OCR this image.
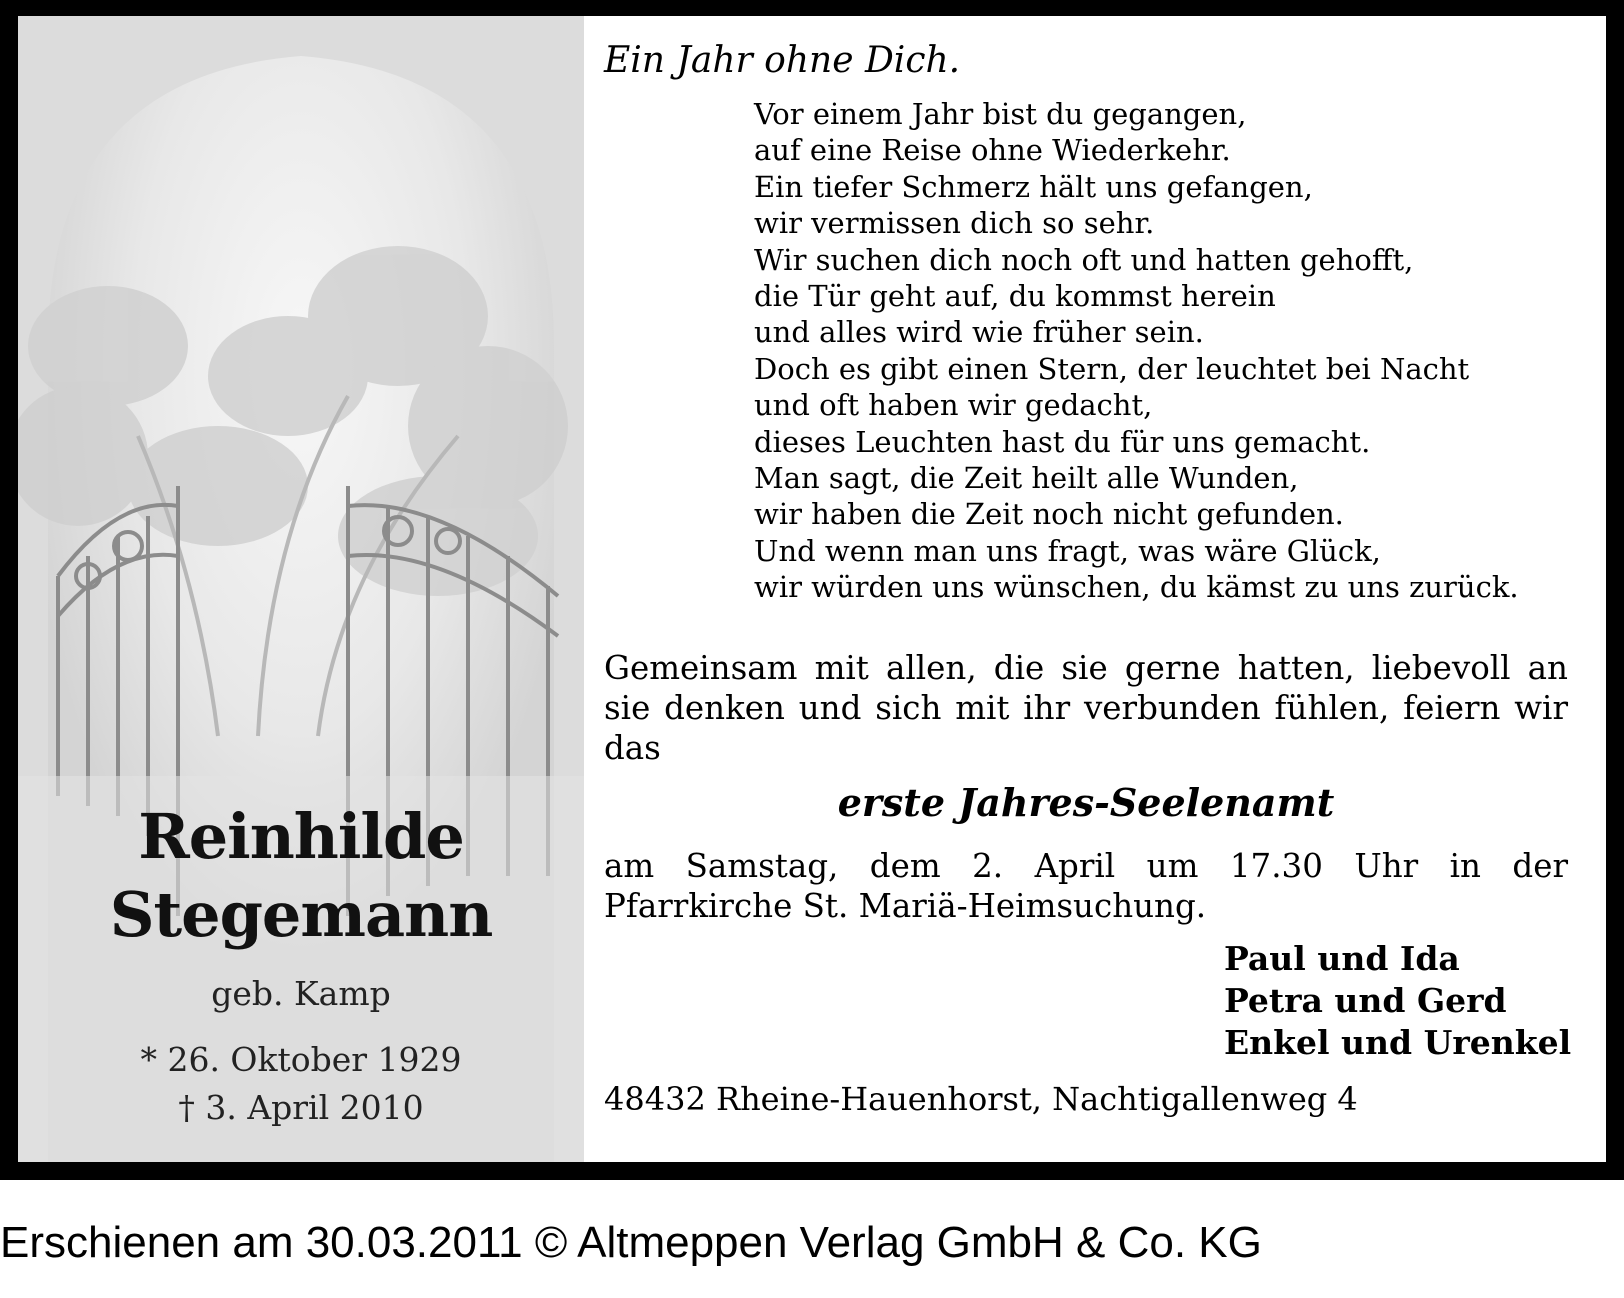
Reinhilde
Stegemann
geb. Kamp
* 26. Oktober 1929
† 3. April 2010
Ein Jahr ohne Dich.
Vor einem Jahr bist du gegangen,
auf eine Reise ohne Wiederkehr.
Ein tiefer Schmerz hält uns gefangen,
wir vermissen dich so sehr.
Wir suchen dich noch oft und hatten gehofft,
die Tür geht auf, du kommst herein
und alles wird wie früher sein.
Doch es gibt einen Stern, der leuchtet bei Nacht
und oft haben wir gedacht,
dieses Leuchten hast du für uns gemacht.
Man sagt, die Zeit heilt alle Wunden,
wir haben die Zeit noch nicht gefunden.
Und wenn man uns fragt, was wäre Glück,
wir würden uns wünschen, du kämst zu uns zurück.
Gemeinsam mit allen, die sie gerne hatten, liebevoll an sie denken und sich mit ihr verbunden fühlen, feiern wir das
erste Jahres-Seelenamt
am Samstag, dem 2. April um 17.30 Uhr in der Pfarrkirche St. Mariä-Heimsuchung.
Paul und Ida
Petra und Gerd
Enkel und Urenkel
48432 Rheine-Hauenhorst, Nachtigallenweg 4
Erschienen am 30.03.2011 © Altmeppen Verlag GmbH & Co. KG
